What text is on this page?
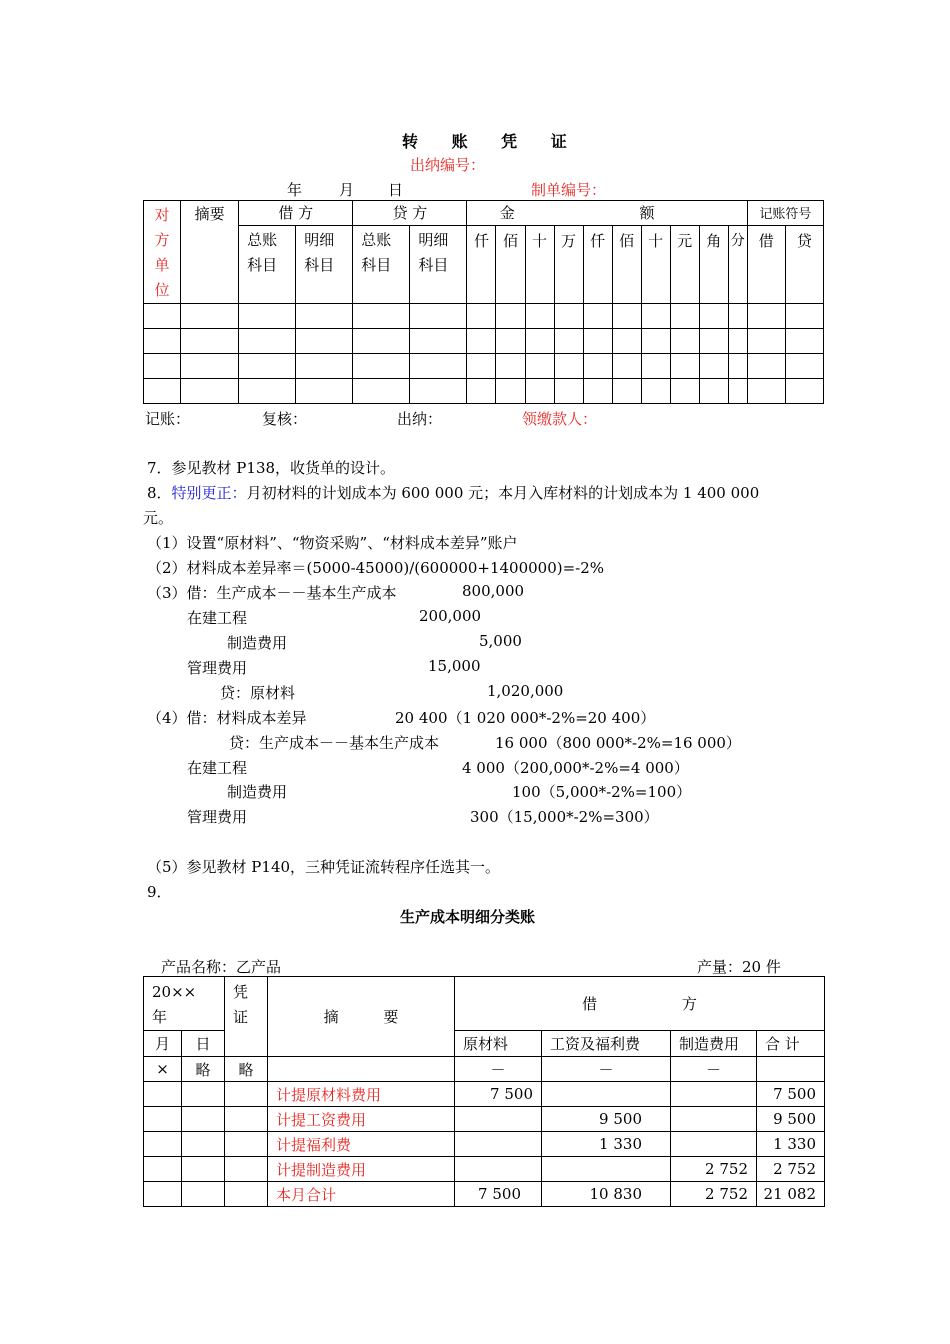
转 账 凭 证
出纳编号：
年 月 日	制单编号：
对方单位	摘要	借 方		贷 方		金 额										记账符号	
		总账科目	明细科目	总账科目	明细科目	仟	佰	十	万	仟	佰	十	元	角	分	借	贷

记账：	复核：	出纳：	领缴款人：
7．参见教材 P138，收货单的设计。
8．特别更正：月初材料的计划成本为 600 000 元；本月入库材料的计划成本为 1 400 000
元。
（1）设置“原材料”、“物资采购”、“材料成本差异”账户
（2）材料成本差异率＝(5000-45000)/(600000+1400000)=-2%
（3）借：生产成本－－基本生产成本	800,000
在建工程	200,000
制造费用	5,000
管理费用	15,000
贷：原材料	1,020,000
（4）借：材料成本差异	20 400（1 020 000*-2%=20 400）
贷：生产成本－－基本生产成本	16 000（800 000*-2%=16 000）
在建工程	4 000（200,000*-2%=4 000）
制造费用	100（5,000*-2%=100）
管理费用	300（15,000*-2%=300）
（5）参见教材 P140，三种凭证流转程序任选其一。
9．
生产成本明细分类账
产品名称：乙产品	产量：20 件
20××年		凭证	摘 要	借 方			
月	日			原材料	工资及福利费	制造费用	合 计
×	略	略		－	－	－	
			计提原材料费用	7 500			7 500
			计提工资费用		9 500		9 500
			计提福利费		1 330		1 330
			计提制造费用			2 752	2 752
			本月合计	7 500	10 830	2 752	21 082
